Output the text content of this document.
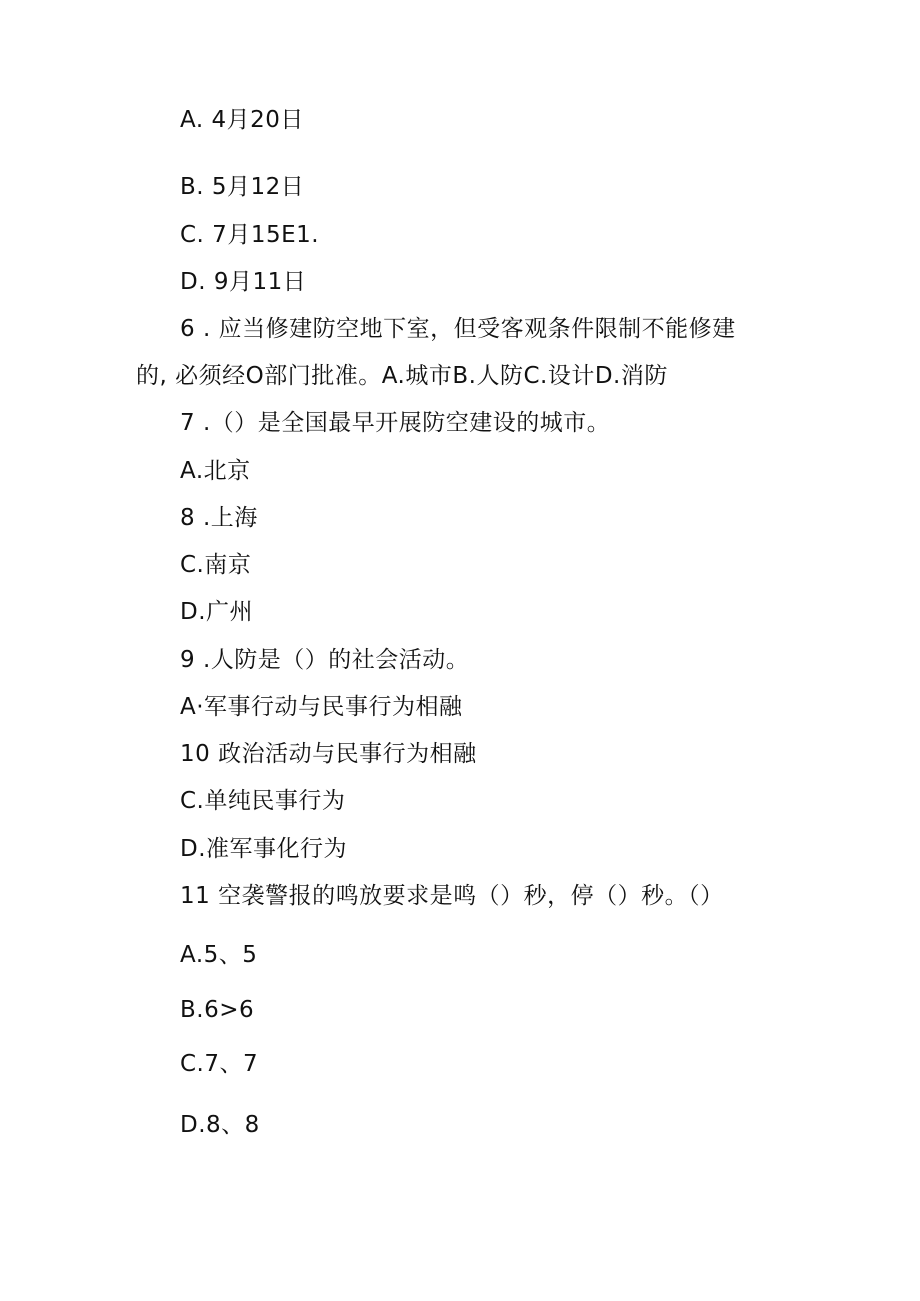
A. 4月20日
B. 5月12日
C. 7月15E1.
D. 9月11日
6 . 应当修建防空地下室，但受客观条件限制不能修建
的, 必须经O部门批准。A.城市B.人防C.设计D.消防
7 .（）是全国最早开展防空建设的城市。
A.北京
8 .上海
C.南京
D.广州
9 .人防是（）的社会活动。
A·军事行动与民事行为相融
10 政治活动与民事行为相融
C.单纯民事行为
D.准军事化行为
11 空袭警报的鸣放要求是鸣（）秒，停（）秒。（）
A.5、5
B.6>6
C.7、7
D.8、8
